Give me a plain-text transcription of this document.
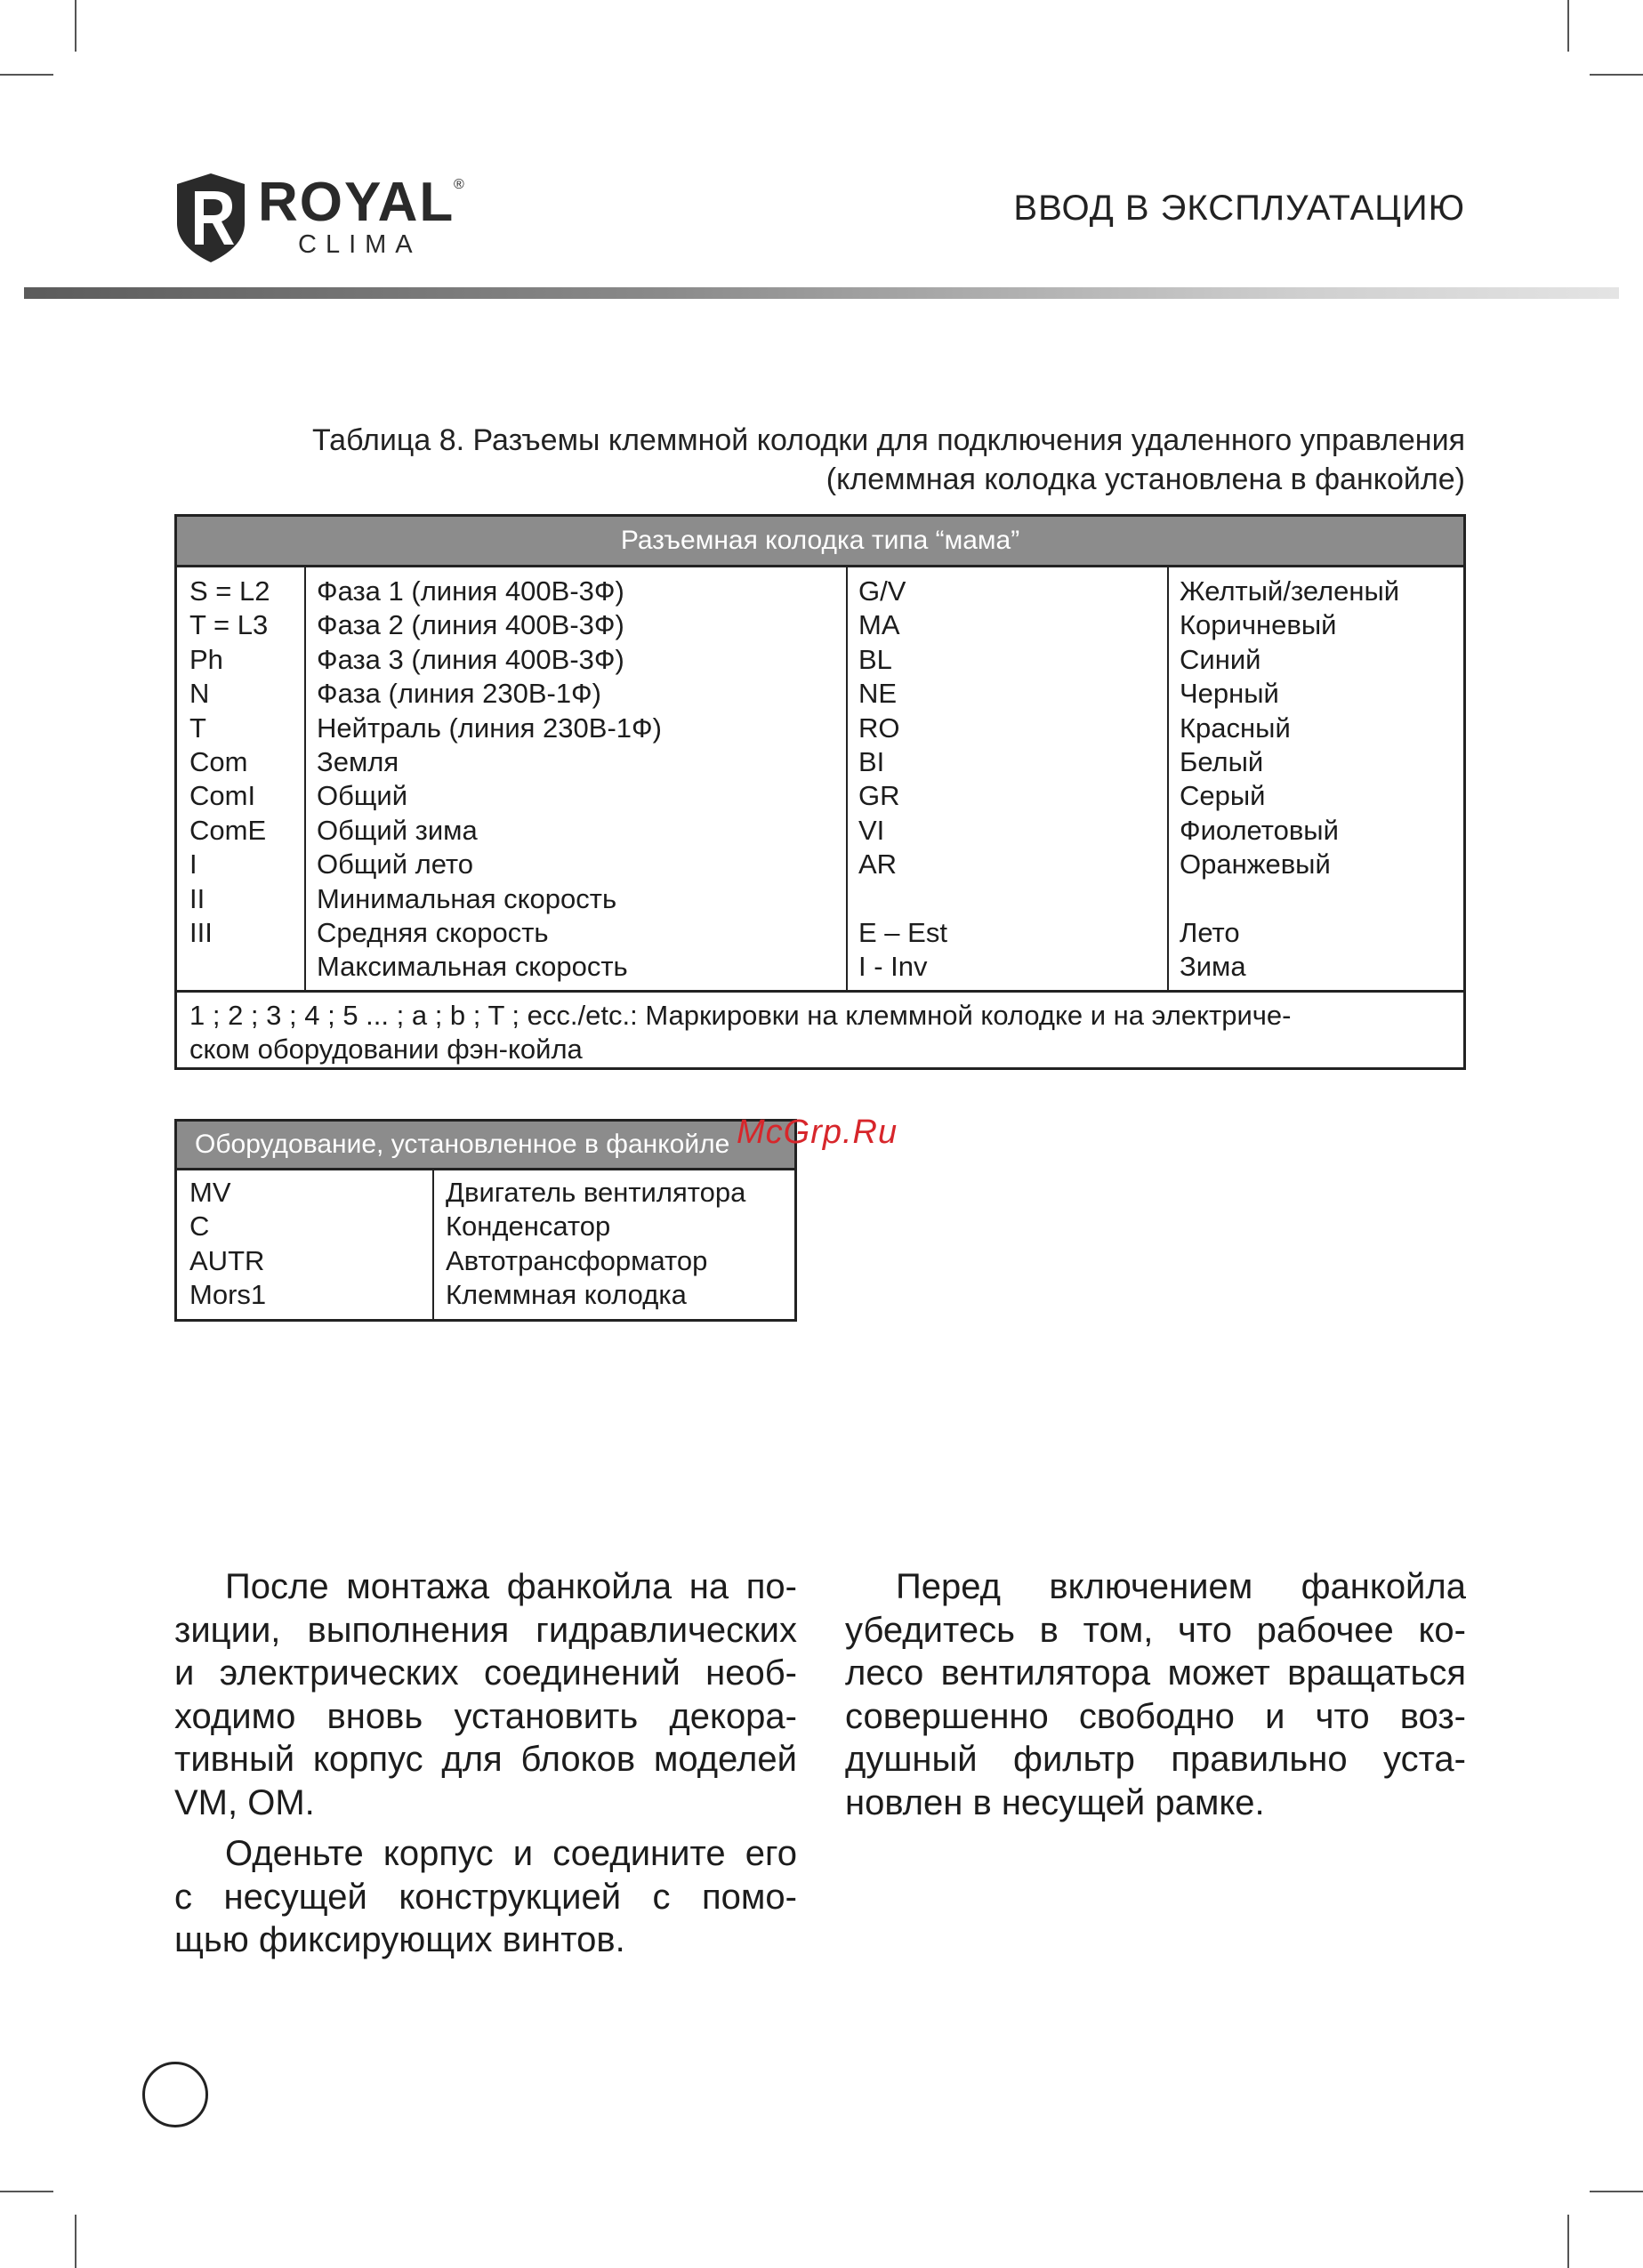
ROYAL
®
CLIMA
ВВОД В ЭКСПЛУАТАЦИЮ
Таблица 8. Разъемы клеммной колодки для подключения удаленного управления
(клеммная колодка установлена в фанкойле)
Разъемная колодка типа “мама”
S = L2
T = L3
Ph
N
T
Com
ComI
ComE
I
II
III
Фаза 1 (линия 400В-3Ф)
Фаза 2 (линия 400В-3Ф)
Фаза 3 (линия 400В-3Ф)
Фаза (линия 230В-1Ф)
Нейтраль (линия 230В-1Ф)
Земля
Общий
Общий зима
Общий лето
Минимальная скорость
Средняя скорость
Максимальная скорость
G/V
MA
BL
NE
RO
BI
GR
VI
AR
E – Est
I - Inv
Желтый/зеленый
Коричневый
Синий
Черный
Красный
Белый
Серый
Фиолетовый
Оранжевый
Лето
Зима
1 ; 2 ; 3 ; 4 ; 5 ... ; a ; b ; T ; ecc./etc.: Маркировки на клеммной колодке и на электриче-
ском оборудовании фэн-койла
Оборудование, установленное в фанкойле
MV
C
AUTR
Mors1
Двигатель вентилятора
Конденсатор
Автотрансформатор
Клеммная колодка
McGrp.Ru
После монтажа фанкойла на по-
зиции, выполнения гидравлических
и электрических соединений необ-
ходимо вновь установить декора-
тивный корпус для блоков моделей
VM, OM.
Оденьте корпус и соедините его
с несущей конструкцией с помо-
щью фиксирующих винтов.
Перед включением фанкойла
убедитесь в том, что рабочее ко-
лесо вентилятора может вращаться
совершенно свободно и что воз-
душный фильтр правильно уста-
новлен в несущей рамке.
